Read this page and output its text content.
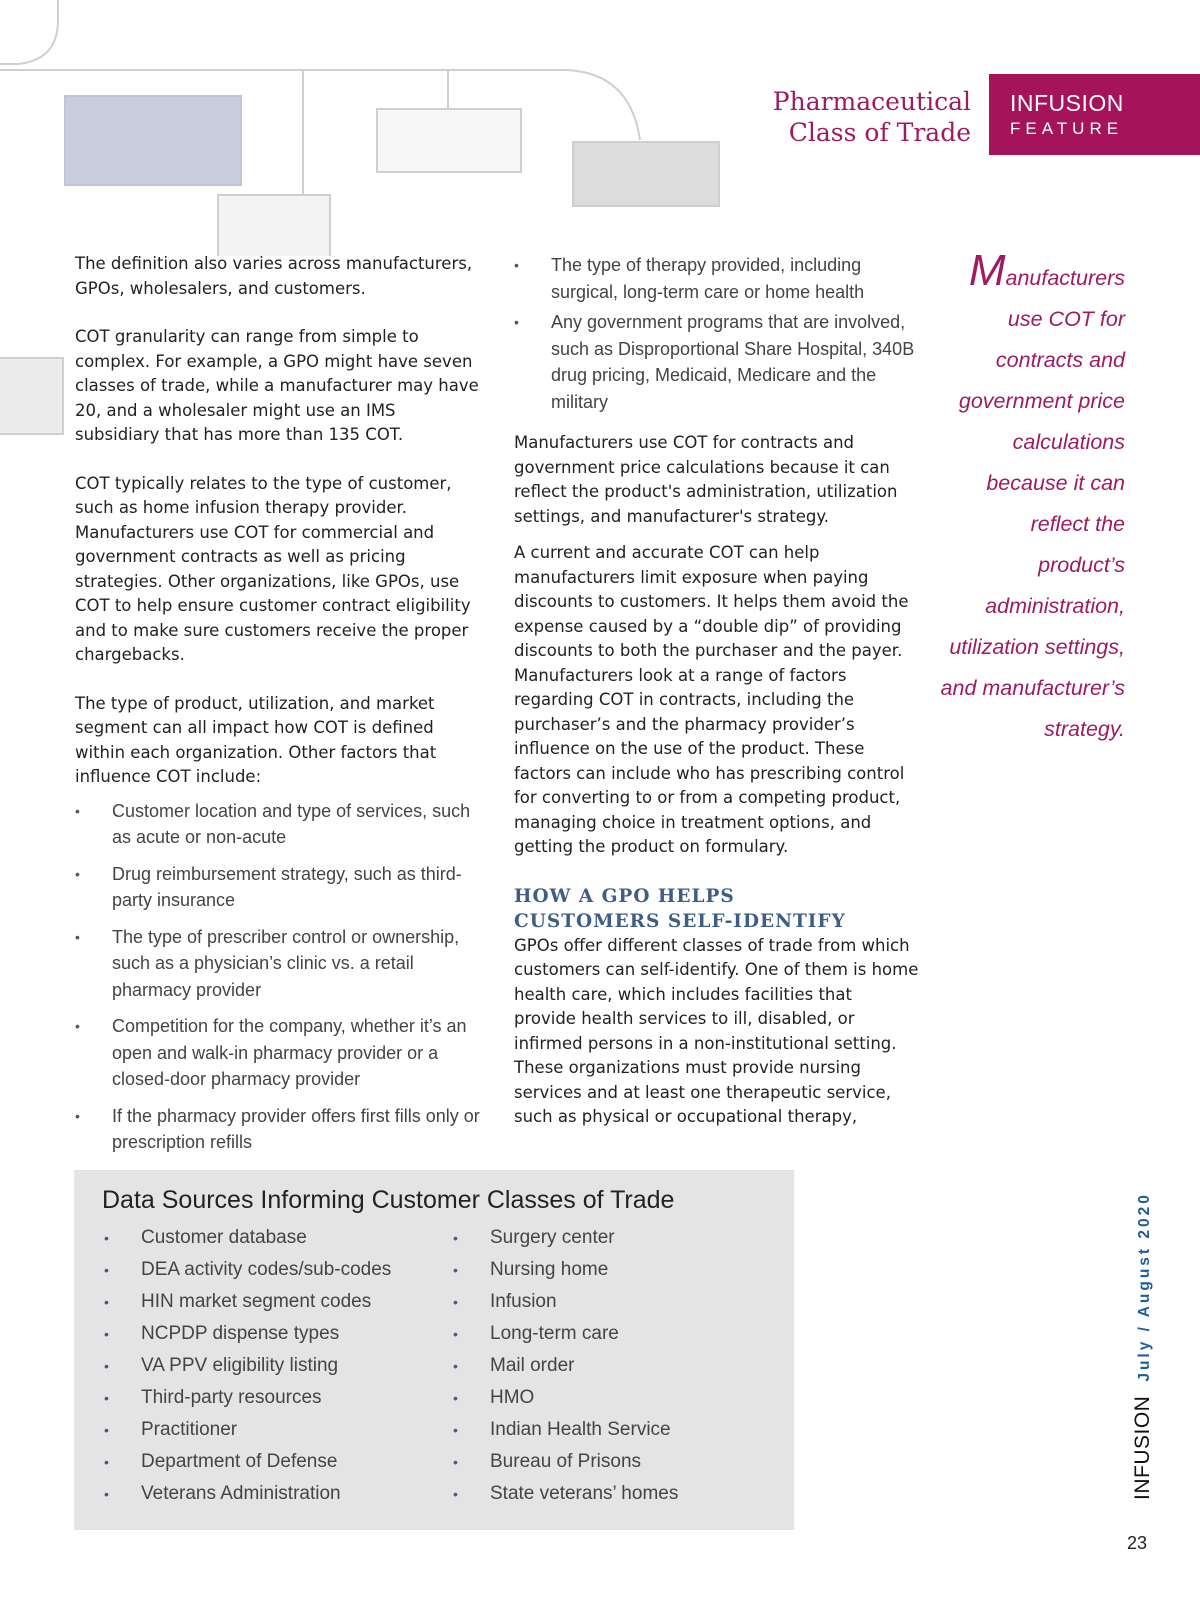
Pharmaceutical
Class of Trade
INFUSION
FEATURE

The definition also varies across manufacturers, GPOs, wholesalers, and customers.

COT granularity can range from simple to complex. For example, a GPO might have seven classes of trade, while a manufacturer may have 20, and a wholesaler might use an IMS subsidiary that has more than 135 COT.

COT typically relates to the type of customer, such as home infusion therapy provider. Manufacturers use COT for commercial and government contracts as well as pricing strategies. Other organizations, like GPOs, use COT to help ensure customer contract eligibility and to make sure customers receive the proper chargebacks.

The type of product, utilization, and market segment can all impact how COT is defined within each organization. Other factors that influence COT include:

• Customer location and type of services, such as acute or non-acute
• Drug reimbursement strategy, such as third-party insurance
• The type of prescriber control or ownership, such as a physician’s clinic vs. a retail pharmacy provider
• Competition for the company, whether it’s an open and walk-in pharmacy provider or a closed-door pharmacy provider
• If the pharmacy provider offers first fills only or prescription refills
• The type of therapy provided, including surgical, long-term care or home health
• Any government programs that are involved, such as Disproportional Share Hospital, 340B drug pricing, Medicaid, Medicare and the military

Manufacturers use COT for contracts and government price calculations because it can reflect the product's administration, utilization settings, and manufacturer's strategy.

A current and accurate COT can help manufacturers limit exposure when paying discounts to customers. It helps them avoid the expense caused by a “double dip” of providing discounts to both the purchaser and the payer. Manufacturers look at a range of factors regarding COT in contracts, including the purchaser’s and the pharmacy provider’s influence on the use of the product. These factors can include who has prescribing control for converting to or from a competing product, managing choice in treatment options, and getting the product on formulary.

HOW A GPO HELPS
CUSTOMERS SELF-IDENTIFY

GPOs offer different classes of trade from which customers can self-identify. One of them is home health care, which includes facilities that provide health services to ill, disabled, or infirmed persons in a non-institutional setting. These organizations must provide nursing services and at least one therapeutic service, such as physical or occupational therapy,

Manufacturers use COT for contracts and government price calculations because it can reflect the product’s administration, utilization settings, and manufacturer’s strategy.
Data Sources Informing Customer Classes of Trade
• Customer database
• DEA activity codes/sub-codes
• HIN market segment codes
• NCPDP dispense types
• VA PPV eligibility listing
• Third-party resources
• Practitioner
• Department of Defense
• Veterans Administration
• Surgery center
• Nursing home
• Infusion
• Long-term care
• Mail order
• HMO
• Indian Health Service
• Bureau of Prisons
• State veterans’ homes	INFUSIONJuly / August 2020
23
